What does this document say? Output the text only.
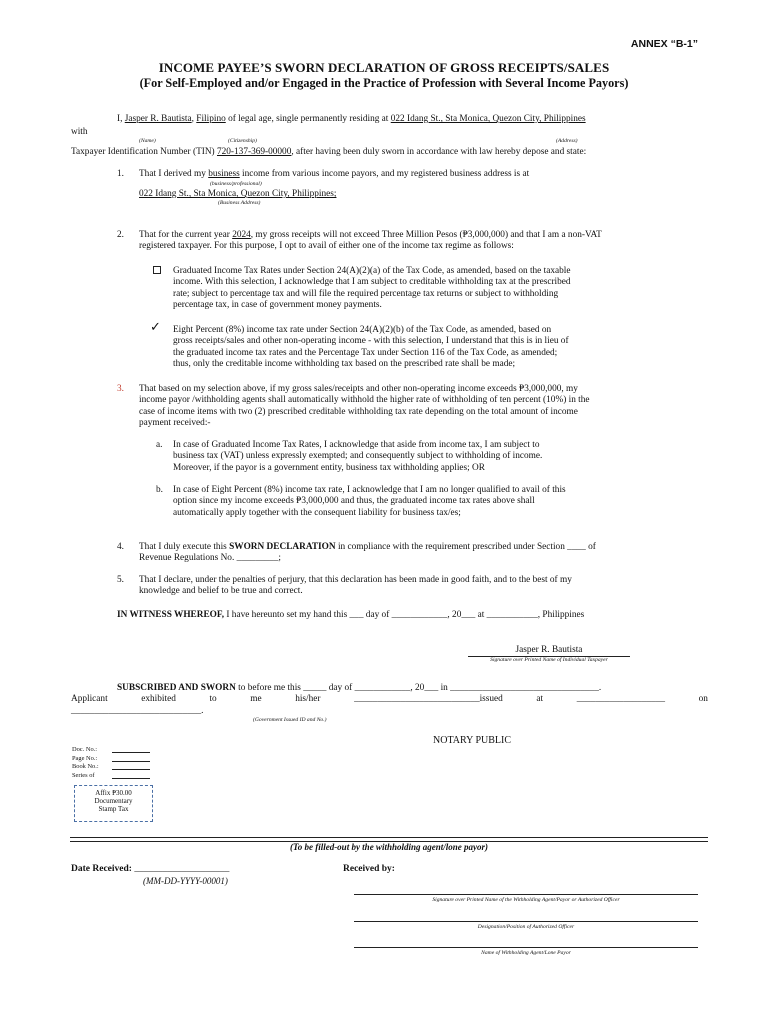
ANNEX “B-1”
INCOME PAYEE’S SWORN DECLARATION OF GROSS RECEIPTS/SALES
(For Self-Employed and/or Engaged in the Practice of Profession with Several Income Payors)
I, Jasper R. Bautista, Filipino of legal age, single permanently residing at 022 Idang St., Sta Monica, Quezon City, Philippines
with
(Name)	(Citizenship)	(Address)
Taxpayer Identification Number (TIN) 720-137-369-00000, after having been duly sworn in accordance with law hereby depose and state:
1. That I derived my business income from various income payors, and my registered business address is at
(business/professional)
022 Idang St., Sta Monica, Quezon City, Philippines;
(Business Address)
2. That for the current year 2024, my gross receipts will not exceed Three Million Pesos (₱3,000,000) and that I am a non-VAT
registered taxpayer. For this purpose, I opt to avail of either one of the income tax regime as follows:
Graduated Income Tax Rates under Section 24(A)(2)(a) of the Tax Code, as amended, based on the taxable
income. With this selection, I acknowledge that I am subject to creditable withholding tax at the prescribed
rate; subject to percentage tax and will file the required percentage tax returns or subject to withholding
percentage tax, in case of government money payments.
✓ Eight Percent (8%) income tax rate under Section 24(A)(2)(b) of the Tax Code, as amended, based on
gross receipts/sales and other non-operating income - with this selection, I understand that this is in lieu of
the graduated income tax rates and the Percentage Tax under Section 116 of the Tax Code, as amended;
thus, only the creditable income withholding tax based on the prescribed rate shall be made;
3. That based on my selection above, if my gross sales/receipts and other non-operating income exceeds ₱3,000,000, my
income payor /withholding agents shall automatically withhold the higher rate of withholding of ten percent (10%) in the
case of income items with two (2) prescribed creditable withholding tax rate depending on the total amount of income
payment received:-
a. In case of Graduated Income Tax Rates, I acknowledge that aside from income tax, I am subject to
business tax (VAT) unless expressly exempted; and consequently subject to withholding of income.
Moreover, if the payor is a government entity, business tax withholding applies; OR
b. In case of Eight Percent (8%) income tax rate, I acknowledge that I am no longer qualified to avail of this
option since my income exceeds ₱3,000,000 and thus, the graduated income tax rates above shall
automatically apply together with the consequent liability for business tax/es;
4. That I duly execute this SWORN DECLARATION in compliance with the requirement prescribed under Section ____ of
Revenue Regulations No. _________;
5. That I declare, under the penalties of perjury, that this declaration has been made in good faith, and to the best of my
knowledge and belief to be true and correct.
IN WITNESS WHEREOF, I have hereunto set my hand this ___ day of ____________, 20___ at ___________, Philippines
Jasper R. Bautista
Signature over Printed Name of Individual Taxpayer
SUBSCRIBED AND SWORN to before me this _____ day of ____________, 20___ in ________________________________.
Applicant	exhibited	to	me	his/her	___________________________issued	at	___________________	on
____________________________.
(Government Issued ID and No.)
NOTARY PUBLIC
Doc. No.:
Page No.:
Book No.:
Series of
Affix ₱30.00
Documentary
Stamp Tax
(To be filled-out by the withholding agent/lone payor)
Date Received: ____________________
(MM-DD-YYYY-00001)
Received by:
Signature over Printed Name of the Withholding Agent/Payor or Authorized Officer
Designation/Position of Authorized Officer
Name of Withholding Agent/Lone Payor
